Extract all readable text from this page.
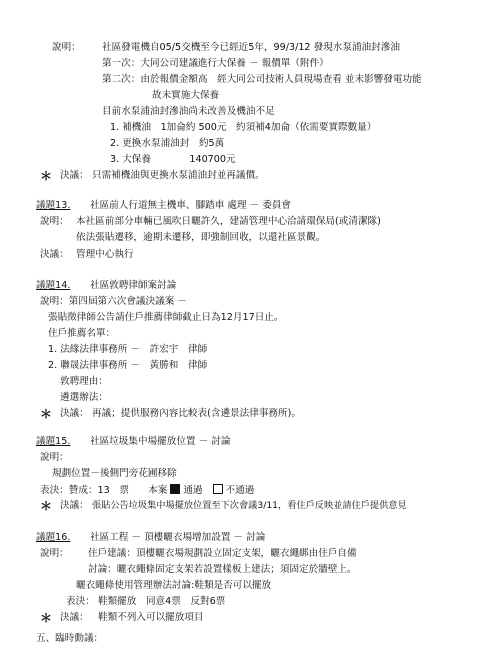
說明： 社區發電機自05/5交機至今已經近5年，99/3/12 發現水泵浦油封滲油
第一次：大同公司建議進行大保養 － 報價單（附件）
第二次：由於報價金額高　經大同公司技術人員現場查看 並未影響發電功能
故未實施大保養
目前水泵浦油封滲油尚未改善及機油不足
1. 補機油　1加侖約 500元　約須補4加侖（依需要實際數量）
2. 更換水泵浦油封　約5萬
3. 大保養　　　　140700元
＊ 決議： 只需補機油與更換水泵浦油封並再議價。
議題13. 社區前人行道無主機車、腳踏車 處理 － 委員會
說明： 本社區前部分車輛已風吹日曬許久，建請管理中心洽請環保局(或清潔隊)
依法張貼遷移，逾期未遷移，即強制回收，以還社區景觀。
決議： 管理中心執行
議題14. 社區敦聘律師案討論
說明：第四屆第六次會議決議案 －
張貼徵律師公告請住戶推薦律師截止日為12月17日止。
住戶推薦名單：
1. 法緣法律事務所 －　許宏宇　律師
2. 聯晟法律事務所 －　黃勝和　律師
敦聘理由：
遴選辦法：
＊ 決議： 再議；提供服務內容比較表(含遴景法律事務所)。
議題15. 社區垃圾集中場擺放位置 － 討論
說明：
規劃位置－後側門旁花圃移除
表決：贊成：13　票　　本案 通過 不通過
＊ 決議： 張貼公告垃圾集中場擺放位置至下次會議3/11，看住戶反映並請住戶提供意見
議題16. 社區工程 － 頂樓曬衣場增加設置 － 討論
說明： 住戶建議：頂樓曬衣場規劃設立固定支架，曬衣繩綁由住戶自備
討論：曬衣繩條固定支架若設置樣板上建法；須固定於牆壁上。
曬衣繩條使用管理辦法討論:鞋類是否可以擺放
表決： 鞋類擺放　同意4票　反對6票
＊ 決議： 鞋類不列入可以擺放項目
五、臨時動議：
